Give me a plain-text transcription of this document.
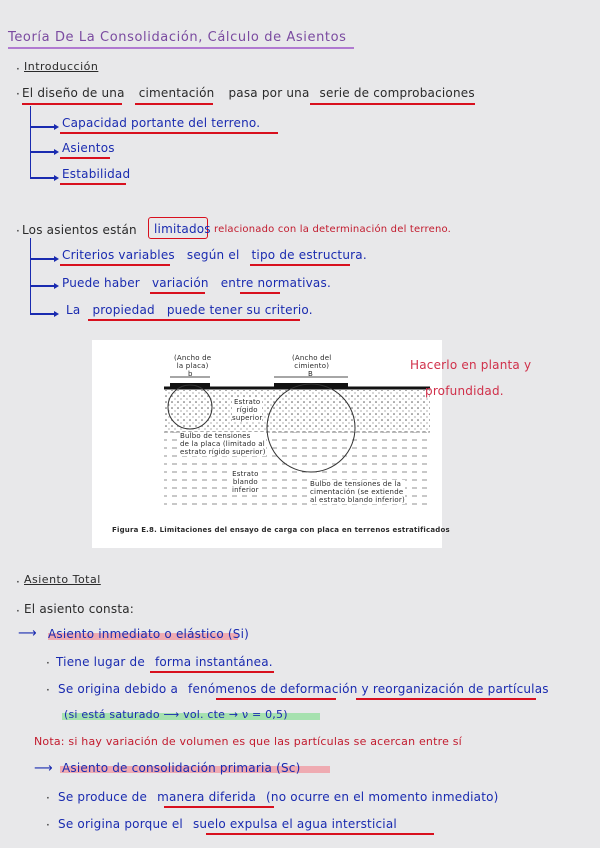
Teoría De La Consolidación, Cálculo de Asientos
· Introducción
· El diseño de una cimentación pasa por una serie de comprobaciones
Capacidad portante del terreno.
Asientos
Estabilidad
· Los asientos están limitados relacionado con la determinación del terreno.
Criterios variables según el tipo de estructura.
Puede haber variación entre normativas.
La propiedad puede tener su criterio.
(Ancho de
la placa)
b
(Ancho del
cimiento)
B
Estrato
rígido
superior
Bulbo de tensiones
de la placa (limitado al
estrato rígido superior)
Estrato
blando
inferior
Bulbo de tensiones de la
cimentación (se extiende
al estrato blando inferior)
Figura E.8. Limitaciones del ensayo de carga con placa en terrenos estratificados
Hacerlo en planta y
profundidad.
· Asiento Total
· El asiento consta:
⟶ Asiento inmediato o elástico (Si)
· Tiene lugar de forma instantánea.
· Se origina debido a fenómenos de deformación y reorganización de partículas
(si está saturado ⟶ vol. cte → ν = 0,5)
Nota: si hay variación de volumen es que las partículas se acercan entre sí
⟶ Asiento de consolidación primaria (Sc)
· Se produce de manera diferida (no ocurre en el momento inmediato)
· Se origina porque el suelo expulsa el agua intersticial
